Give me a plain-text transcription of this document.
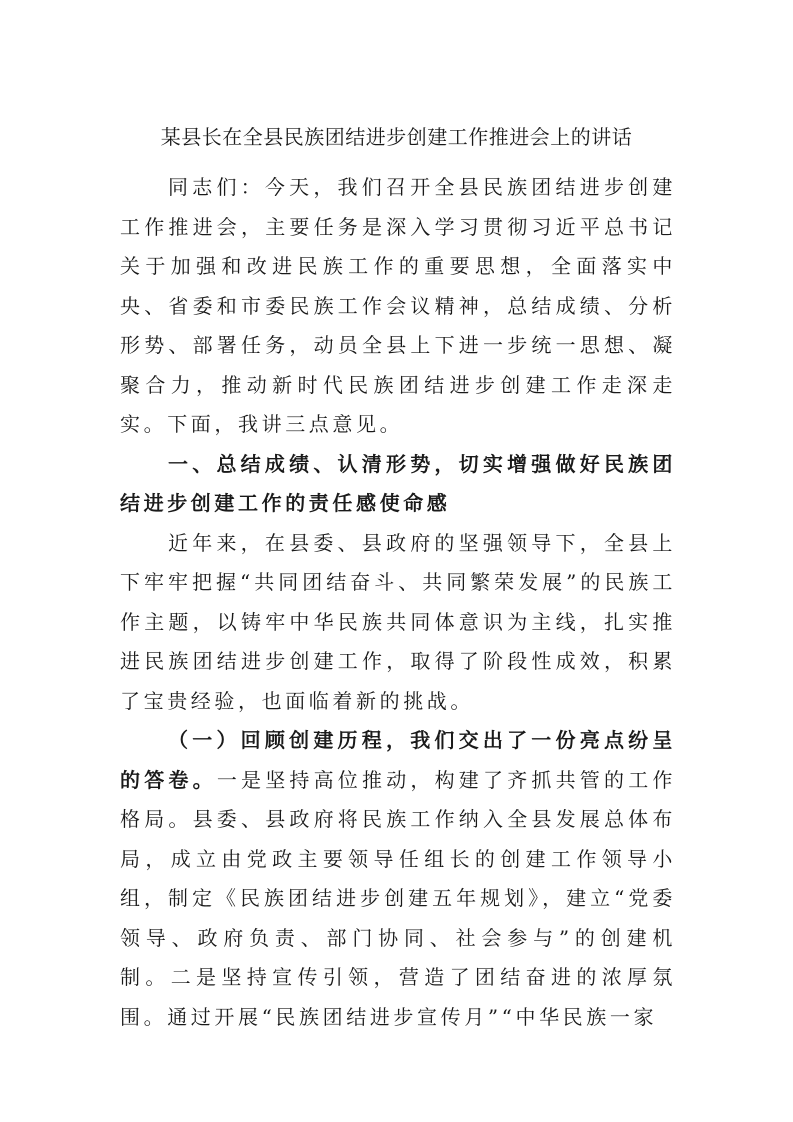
某县长在全县民族团结进步创建工作推进会上的讲话

同志们：今天，我们召开全县民族团结进步创建工作推进会，主要任务是深入学习贯彻习近平总书记关于加强和改进民族工作的重要思想，全面落实中央、省委和市委民族工作会议精神，总结成绩、分析形势、部署任务，动员全县上下进一步统一思想、凝聚合力，推动新时代民族团结进步创建工作走深走实。下面，我讲三点意见。

一、总结成绩、认清形势，切实增强做好民族团结进步创建工作的责任感使命感

近年来，在县委、县政府的坚强领导下，全县上下牢牢把握“共同团结奋斗、共同繁荣发展”的民族工作主题，以铸牢中华民族共同体意识为主线，扎实推进民族团结进步创建工作，取得了阶段性成效，积累了宝贵经验，也面临着新的挑战。

（一）回顾创建历程，我们交出了一份亮点纷呈的答卷。一是坚持高位推动，构建了齐抓共管的工作格局。县委、县政府将民族工作纳入全县发展总体布局，成立由党政主要领导任组长的创建工作领导小组，制定《民族团结进步创建五年规划》，建立“党委领导、政府负责、部门协同、社会参与”的创建机制。二是坚持宣传引领，营造了团结奋进的浓厚氛围。通过开展“民族团结进步宣传月”“中华民族一家
